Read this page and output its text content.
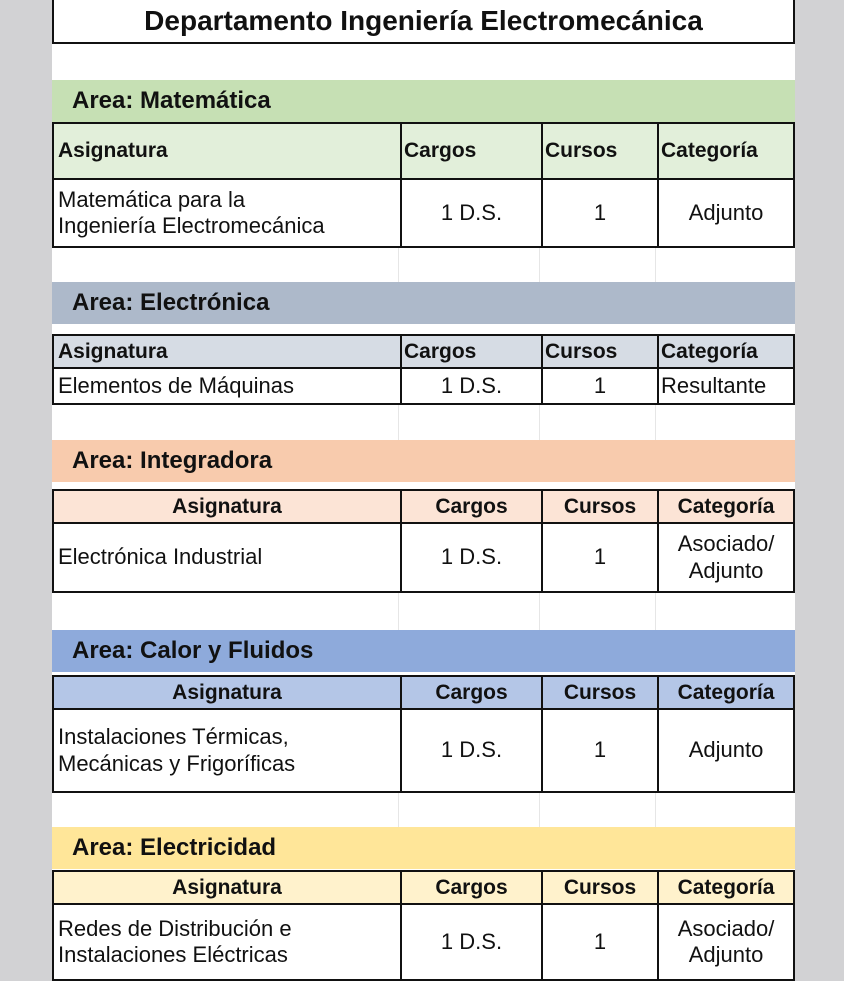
Departamento Ingeniería Electromecánica
Area: Matemática
Asignatura	Cargos	Cursos	Categoría
Matemática para la
Ingeniería Electromecánica
1 D.S.	1	Adjunto
Area: Electrónica
Asignatura	Cargos	Cursos	Categoría
Elementos de Máquinas	1 D.S.	1	Resultante
Area: Integradora
Asignatura	Cargos	Cursos	Categoría
Electrónica Industrial	1 D.S.	1
Asociado/
Adjunto
Area: Calor y Fluidos
Asignatura	Cargos	Cursos	Categoría
Instalaciones Térmicas,
Mecánicas y Frigoríficas
1 D.S.	1	Adjunto
Area: Electricidad
Asignatura	Cargos	Cursos	Categoría
Redes de Distribución e
Instalaciones Eléctricas
1 D.S.	1
Asociado/
Adjunto
